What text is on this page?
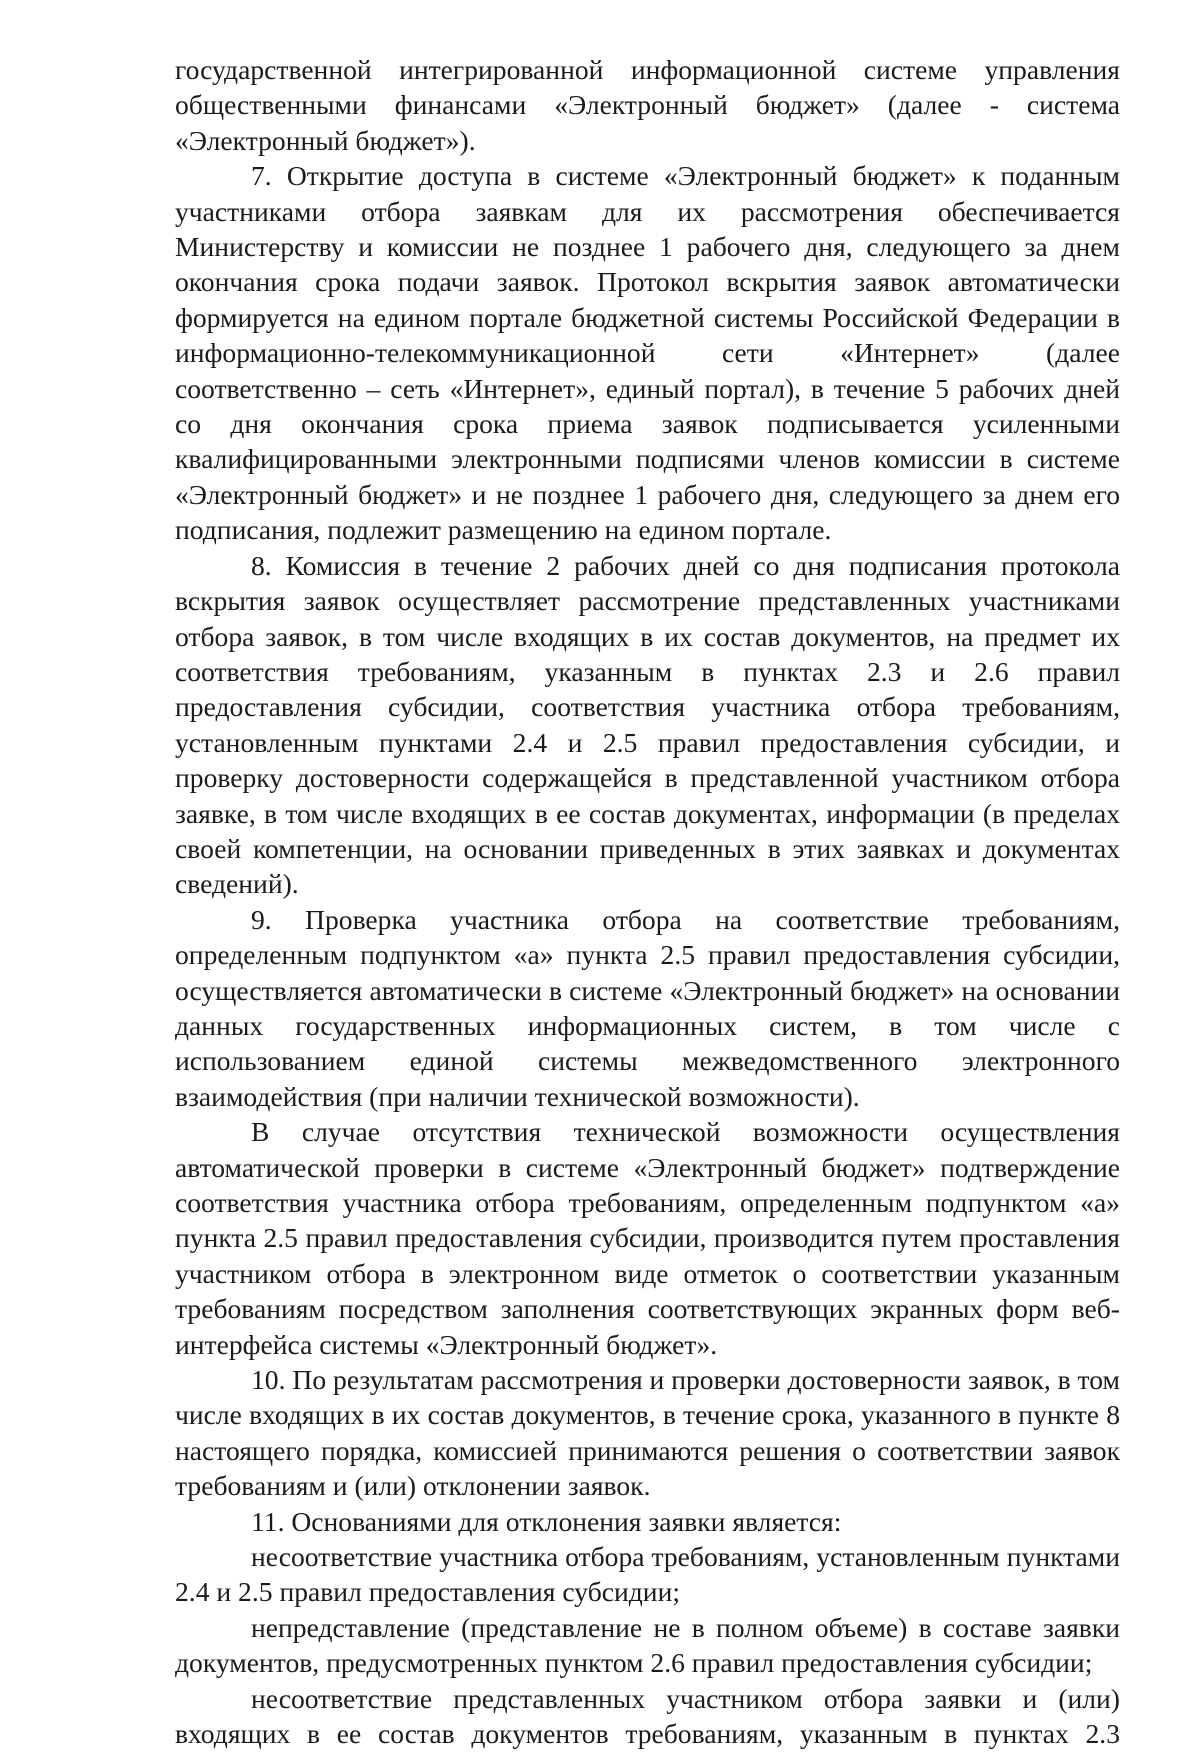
государственной интегрированной информационной системе управления общественными финансами «Электронный бюджет» (далее - система «Электронный бюджет»).

7. Открытие доступа в системе «Электронный бюджет» к поданным участниками отбора заявкам для их рассмотрения обеспечивается Министерству и комиссии не позднее 1 рабочего дня, следующего за днем окончания срока подачи заявок. Протокол вскрытия заявок автоматически формируется на едином портале бюджетной системы Российской Федерации в информационно-телекоммуникационной сети «Интернет» (далее соответственно – сеть «Интернет», единый портал), в течение 5 рабочих дней со дня окончания срока приема заявок подписывается усиленными квалифицированными электронными подписями членов комиссии в системе «Электронный бюджет» и не позднее 1 рабочего дня, следующего за днем его подписания, подлежит размещению на едином портале.

8. Комиссия в течение 2 рабочих дней со дня подписания протокола вскрытия заявок осуществляет рассмотрение представленных участниками отбора заявок, в том числе входящих в их состав документов, на предмет их соответствия требованиям, указанным в пунктах 2.3 и 2.6 правил предоставления субсидии, соответствия участника отбора требованиям, установленным пунктами 2.4 и 2.5 правил предоставления субсидии, и проверку достоверности содержащейся в представленной участником отбора заявке, в том числе входящих в ее состав документах, информации (в пределах своей компетенции, на основании приведенных в этих заявках и документах сведений).

9. Проверка участника отбора на соответствие требованиям, определенным подпунктом «а» пункта 2.5 правил предоставления субсидии, осуществляется автоматически в системе «Электронный бюджет» на основании данных государственных информационных систем, в том числе с использованием единой системы межведомственного электронного взаимодействия (при наличии технической возможности).

В случае отсутствия технической возможности осуществления автоматической проверки в системе «Электронный бюджет» подтверждение соответствия участника отбора требованиям, определенным подпунктом «а» пункта 2.5 правил предоставления субсидии, производится путем проставления участником отбора в электронном виде отметок о соответствии указанным требованиям посредством заполнения соответствующих экранных форм веб-интерфейса системы «Электронный бюджет».

10. По результатам рассмотрения и проверки достоверности заявок, в том числе входящих в их состав документов, в течение срока, указанного в пункте 8 настоящего порядка, комиссией принимаются решения о соответствии заявок требованиям и (или) отклонении заявок.

11. Основаниями для отклонения заявки является:

несоответствие участника отбора требованиям, установленным пунктами 2.4 и 2.5 правил предоставления субсидии;

непредставление (представление не в полном объеме) в составе заявки документов, предусмотренных пунктом 2.6 правил предоставления субсидии;

несоответствие представленных участником отбора заявки и (или) входящих в ее состав документов требованиям, указанным в пунктах 2.3
